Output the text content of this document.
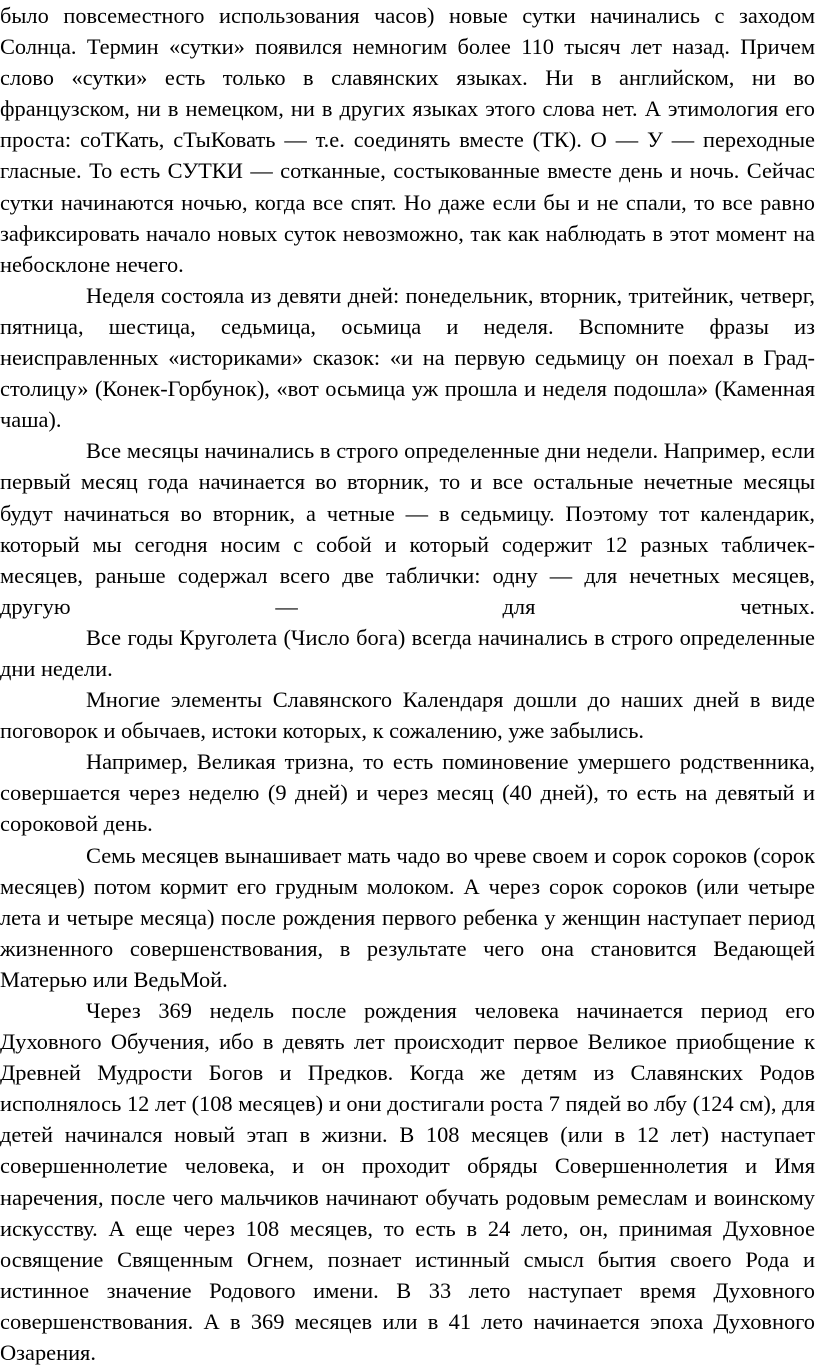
было повсеместного использования часов) новые сутки начинались с заходом Солнца. Термин «сутки» появился немногим более 110 тысяч лет назад. Причем слово «сутки» есть только в славянских языках. Ни в английском, ни во французском, ни в немецком, ни в других языках этого слова нет. А этимология его проста: соТКать, сТыКовать — т.е. соединять вместе (ТК). О — У — переходные гласные. То есть СУТКИ — сотканные, состыкованные вместе день и ночь. Сейчас сутки начинаются ночью, когда все спят. Но даже если бы и не спали, то все равно зафиксировать начало новых суток невозможно, так как наблюдать в этот момент на небосклоне нечего.

Неделя состояла из девяти дней: понедельник, вторник, тритейник, четверг, пятница, шестица, седьмица, осьмица и неделя. Вспомните фразы из неисправленных «историками» сказок: «и на первую седьмицу он поехал в Град-столицу» (Конек-Горбунок), «вот осьмица уж прошла и неделя подошла» (Каменная чаша).

Все месяцы начинались в строго определенные дни недели. Например, если первый месяц года начинается во вторник, то и все остальные нечетные месяцы будут начинаться во вторник, а четные — в седьмицу. Поэтому тот календарик, который мы сегодня носим с собой и который содержит 12 разных табличек-месяцев, раньше содержал всего две таблички: одну — для нечетных месяцев, другую — для четных.

Все годы Круголета (Число бога) всегда начинались в строго определенные дни недели.

Многие элементы Славянского Календаря дошли до наших дней в виде поговорок и обычаев, истоки которых, к сожалению, уже забылись.

Например, Великая тризна, то есть поминовение умершего родственника, совершается через неделю (9 дней) и через месяц (40 дней), то есть на девятый и сороковой день.

Семь месяцев вынашивает мать чадо во чреве своем и сорок сороков (сорок месяцев) потом кормит его грудным молоком. А через сорок сороков (или четыре лета и четыре месяца) после рождения первого ребенка у женщин наступает период жизненного совершенствования, в результате чего она становится Ведающей Матерью или ВедьМой.

Через 369 недель после рождения человека начинается период его Духовного Обучения, ибо в девять лет происходит первое Великое приобщение к Древней Мудрости Богов и Предков. Когда же детям из Славянских Родов исполнялось 12 лет (108 месяцев) и они достигали роста 7 пядей во лбу (124 см), для детей начинался новый этап в жизни. В 108 месяцев (или в 12 лет) наступает совершеннолетие человека, и он проходит обряды Совершеннолетия и Имя наречения, после чего мальчиков начинают обучать родовым ремеслам и воинскому искусству. А еще через 108 месяцев, то есть в 24 лето, он, принимая Духовное освящение Священным Огнем, познает истинный смысл бытия своего Рода и истинное значение Родового имени. В 33 лето наступает время Духовного совершенствования. А в 369 месяцев или в 41 лето начинается эпоха Духовного Озарения.
